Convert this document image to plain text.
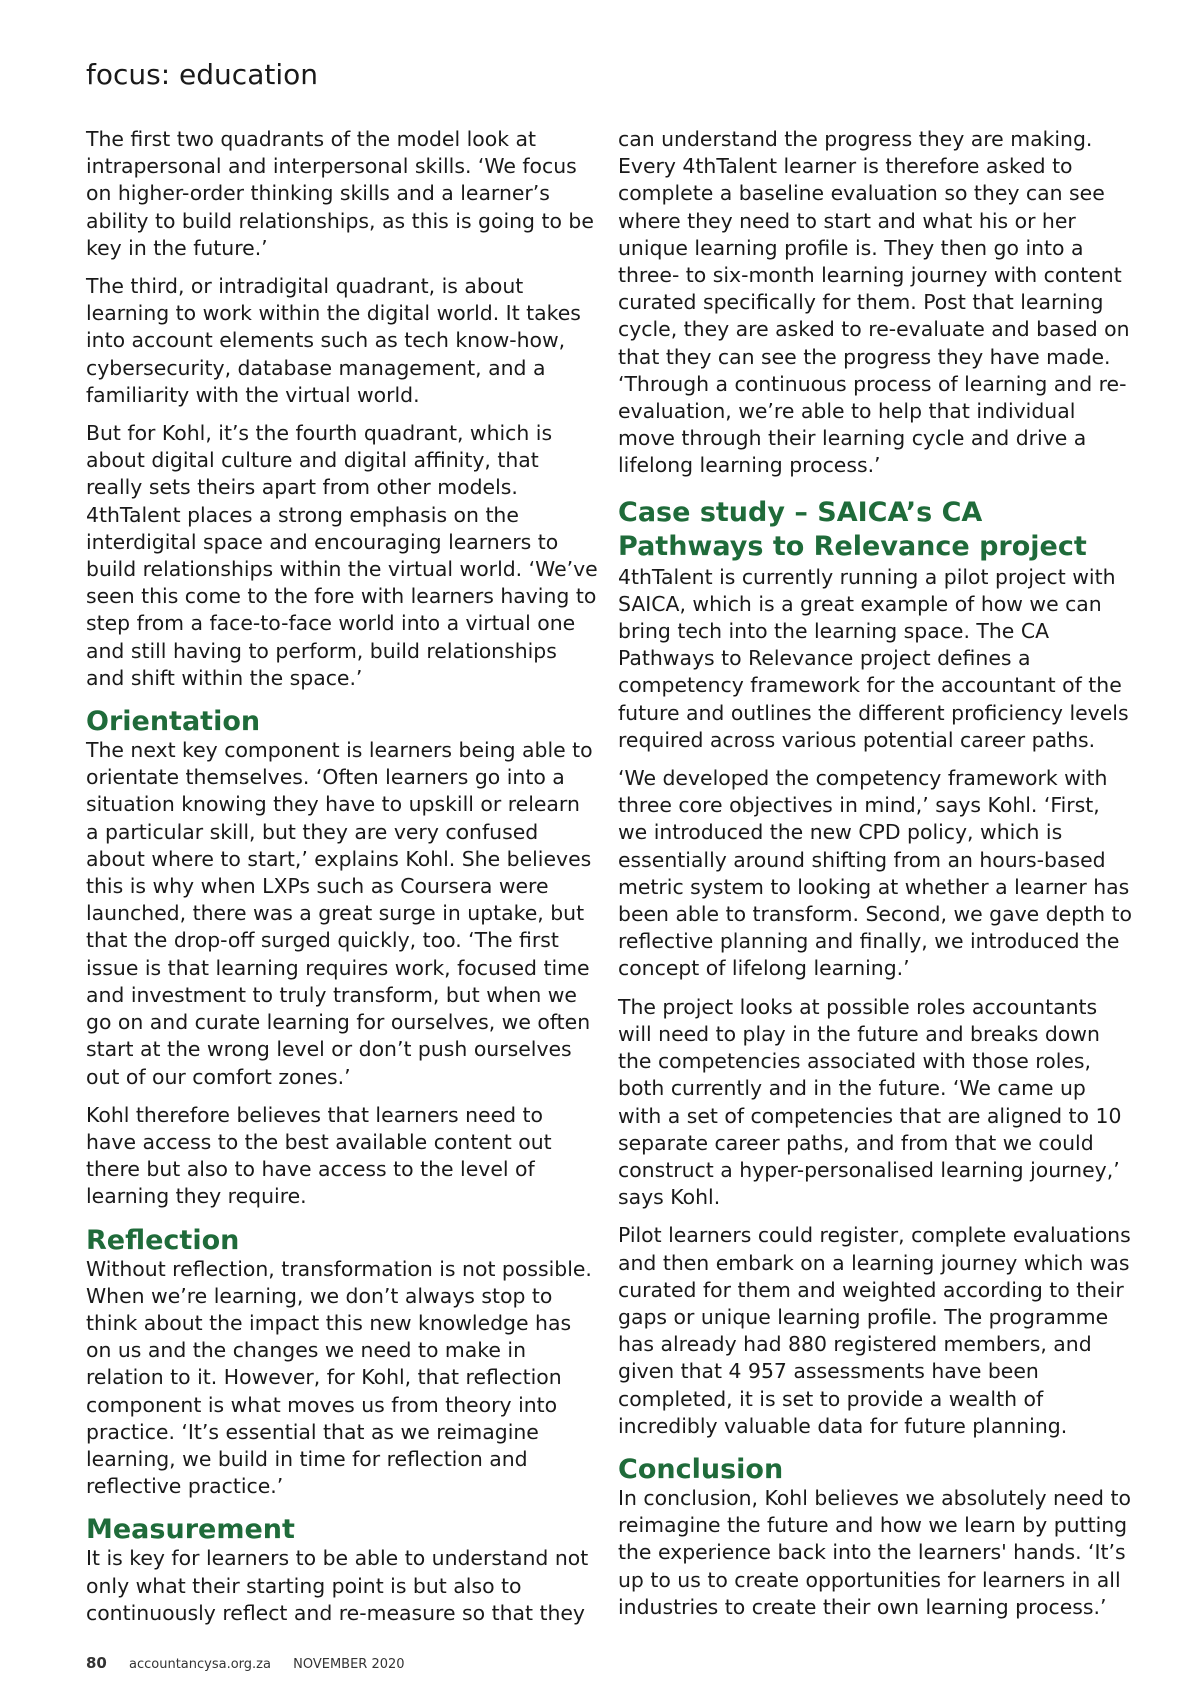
focus: education

The first two quadrants of the model look at intrapersonal and interpersonal skills. ‘We focus on higher-order thinking skills and a learner’s ability to build relationships, as this is going to be key in the future.’

The third, or intradigital quadrant, is about learning to work within the digital world. It takes into account elements such as tech know-how, cybersecurity, database management, and a familiarity with the virtual world.

But for Kohl, it’s the fourth quadrant, which is about digital culture and digital affinity, that really sets theirs apart from other models. 4thTalent places a strong emphasis on the interdigital space and encouraging learners to build relationships within the virtual world. ‘We’ve seen this come to the fore with learners having to step from a face-to-face world into a virtual one and still having to perform, build relationships and shift within the space.’

Orientation

The next key component is learners being able to orientate themselves. ‘Often learners go into a situation knowing they have to upskill or relearn a particular skill, but they are very confused about where to start,’ explains Kohl. She believes this is why when LXPs such as Coursera were launched, there was a great surge in uptake, but that the drop-off surged quickly, too. ‘The first issue is that learning requires work, focused time and investment to truly transform, but when we go on and curate learning for ourselves, we often start at the wrong level or don’t push ourselves out of our comfort zones.’

Kohl therefore believes that learners need to have access to the best available content out there but also to have access to the level of learning they require.

Reflection

Without reflection, transformation is not possible. When we’re learning, we don’t always stop to think about the impact this new knowledge has on us and the changes we need to make in relation to it. However, for Kohl, that reflection component is what moves us from theory into practice. ‘It’s essential that as we reimagine learning, we build in time for reflection and reflective practice.’

Measurement

It is key for learners to be able to understand not only what their starting point is but also to continuously reflect and re-measure so that they

can understand the progress they are making. Every 4thTalent learner is therefore asked to complete a baseline evaluation so they can see where they need to start and what his or her unique learning profile is. They then go into a three- to six-month learning journey with content curated specifically for them. Post that learning cycle, they are asked to re-evaluate and based on that they can see the progress they have made. ‘Through a continuous process of learning and re-evaluation, we’re able to help that individual move through their learning cycle and drive a lifelong learning process.’

Case study – SAICA’s CA Pathways to Relevance project

4thTalent is currently running a pilot project with SAICA, which is a great example of how we can bring tech into the learning space. The CA Pathways to Relevance project defines a competency framework for the accountant of the future and outlines the different proficiency levels required across various potential career paths.

‘We developed the competency framework with three core objectives in mind,’ says Kohl. ‘First, we introduced the new CPD policy, which is essentially around shifting from an hours-based metric system to looking at whether a learner has been able to transform. Second, we gave depth to reflective planning and finally, we introduced the concept of lifelong learning.’

The project looks at possible roles accountants will need to play in the future and breaks down the competencies associated with those roles, both currently and in the future. ‘We came up with a set of competencies that are aligned to 10 separate career paths, and from that we could construct a hyper-personalised learning journey,’ says Kohl.

Pilot learners could register, complete evaluations and then embark on a learning journey which was curated for them and weighted according to their gaps or unique learning profile. The programme has already had 880 registered members, and given that 4 957 assessments have been completed, it is set to provide a wealth of incredibly valuable data for future planning.

Conclusion

In conclusion, Kohl believes we absolutely need to reimagine the future and how we learn by putting the experience back into the learners' hands. ‘It’s up to us to create opportunities for learners in all industries to create their own learning process.’

80 accountancysa.org.za NOVEMBER 2020
